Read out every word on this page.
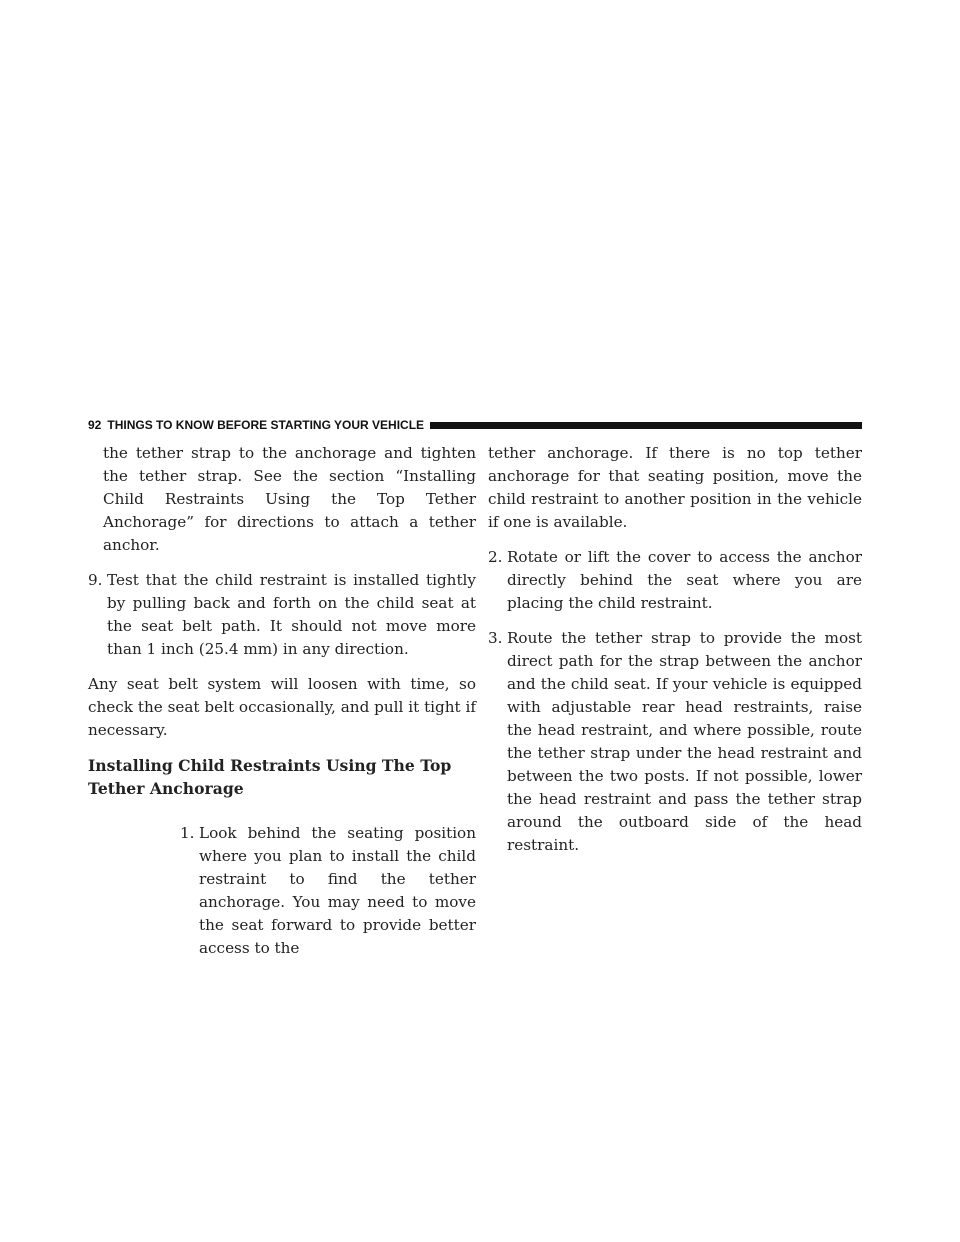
92 THINGS TO KNOW BEFORE STARTING YOUR VEHICLE

the tether strap to the anchorage and tighten the tether strap. See the section “Installing Child Restraints Using the Top Tether Anchorage” for directions to attach a tether anchor.

9. Test that the child restraint is installed tightly by pulling back and forth on the child seat at the seat belt path. It should not move more than 1 inch (25.4 mm) in any direction.

Any seat belt system will loosen with time, so check the seat belt occasionally, and pull it tight if necessary.

Installing Child Restraints Using The Top Tether Anchorage
1. Look behind the seating position where you plan to install the child restraint to find the tether anchorage. You may need to move the seat forward to provide better access to the

tether anchorage. If there is no top tether anchorage for that seating position, move the child restraint to another position in the vehicle if one is available.

2. Rotate or lift the cover to access the anchor directly behind the seat where you are placing the child restraint.
3. Route the tether strap to provide the most direct path for the strap between the anchor and the child seat. If your vehicle is equipped with adjustable rear head restraints, raise the head restraint, and where possible, route the tether strap under the head restraint and between the two posts. If not possible, lower the head restraint and pass the tether strap around the outboard side of the head restraint.
